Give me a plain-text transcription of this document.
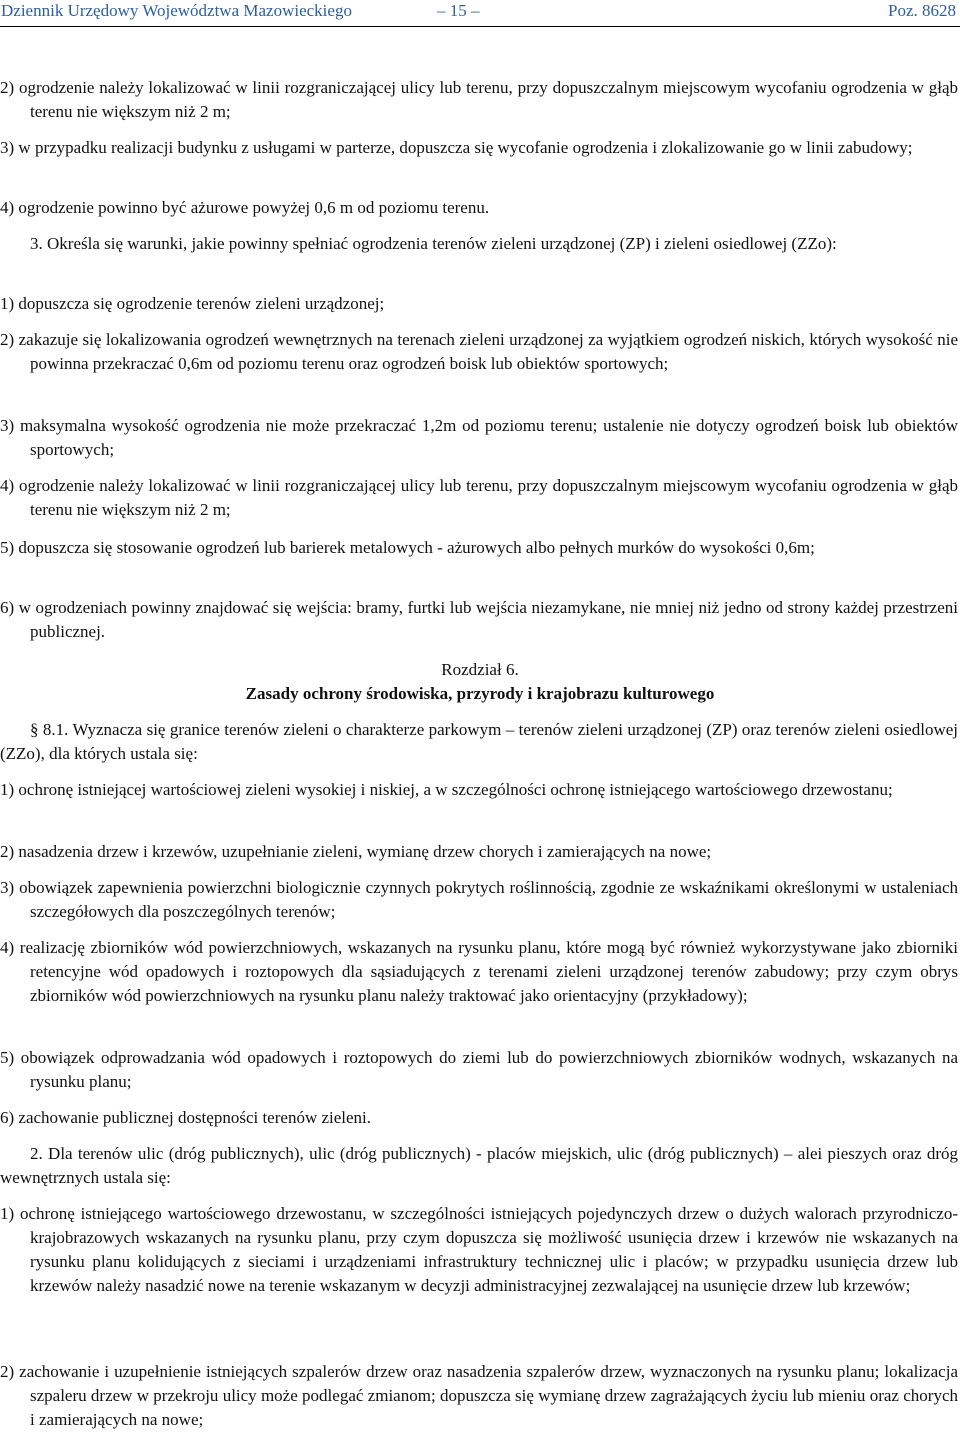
Dziennik Urzędowy Województwa Mazowieckiego	– 15 –	Poz. 8628
2) ogrodzenie należy lokalizować w linii rozgraniczającej ulicy lub terenu, przy dopuszczalnym miejscowym wycofaniu ogrodzenia w głąb terenu nie większym niż 2 m;
3) w przypadku realizacji budynku z usługami w parterze, dopuszcza się wycofanie ogrodzenia i zlokalizowanie go w linii zabudowy;
4) ogrodzenie powinno być ażurowe powyżej 0,6 m od poziomu terenu.
3. Określa się warunki, jakie powinny spełniać ogrodzenia terenów zieleni urządzonej (ZP) i zieleni osiedlowej (ZZo):
1) dopuszcza się ogrodzenie terenów zieleni urządzonej;
2) zakazuje się lokalizowania ogrodzeń wewnętrznych na terenach zieleni urządzonej za wyjątkiem ogrodzeń niskich, których wysokość nie powinna przekraczać 0,6m od poziomu terenu oraz ogrodzeń boisk lub obiektów sportowych;
3) maksymalna wysokość ogrodzenia nie może przekraczać 1,2m od poziomu terenu; ustalenie nie dotyczy ogrodzeń boisk lub obiektów sportowych;
4) ogrodzenie należy lokalizować w linii rozgraniczającej ulicy lub terenu, przy dopuszczalnym miejscowym wycofaniu ogrodzenia w głąb terenu nie większym niż 2 m;
5) dopuszcza się stosowanie ogrodzeń lub barierek metalowych - ażurowych albo pełnych murków do wysokości 0,6m;
6) w ogrodzeniach powinny znajdować się wejścia: bramy, furtki lub wejścia niezamykane, nie mniej niż jedno od strony każdej przestrzeni publicznej.
Rozdział 6.
Zasady ochrony środowiska, przyrody i krajobrazu kulturowego
§ 8.1. Wyznacza się granice terenów zieleni o charakterze parkowym – terenów zieleni urządzonej (ZP) oraz terenów zieleni osiedlowej (ZZo), dla których ustala się:
1) ochronę istniejącej wartościowej zieleni wysokiej i niskiej, a w szczególności ochronę istniejącego wartościowego drzewostanu;
2) nasadzenia drzew i krzewów, uzupełnianie zieleni, wymianę drzew chorych i zamierających na nowe;
3) obowiązek zapewnienia powierzchni biologicznie czynnych pokrytych roślinnością, zgodnie ze wskaźnikami określonymi w ustaleniach szczegółowych dla poszczególnych terenów;
4) realizację zbiorników wód powierzchniowych, wskazanych na rysunku planu, które mogą być również wykorzystywane jako zbiorniki retencyjne wód opadowych i roztopowych dla sąsiadujących z terenami zieleni urządzonej terenów zabudowy; przy czym obrys zbiorników wód powierzchniowych na rysunku planu należy traktować jako orientacyjny (przykładowy);
5) obowiązek odprowadzania wód opadowych i roztopowych do ziemi lub do powierzchniowych zbiorników wodnych, wskazanych na rysunku planu;
6) zachowanie publicznej dostępności terenów zieleni.
2. Dla terenów ulic (dróg publicznych), ulic (dróg publicznych) - placów miejskich, ulic (dróg publicznych) – alei pieszych oraz dróg wewnętrznych ustala się:
1) ochronę istniejącego wartościowego drzewostanu, w szczególności istniejących pojedynczych drzew o dużych walorach przyrodniczo-krajobrazowych wskazanych na rysunku planu, przy czym dopuszcza się możliwość usunięcia drzew i krzewów nie wskazanych na rysunku planu kolidujących z sieciami i urządzeniami infrastruktury technicznej ulic i placów; w przypadku usunięcia drzew lub krzewów należy nasadzić nowe na terenie wskazanym w decyzji administracyjnej zezwalającej na usunięcie drzew lub krzewów;
2) zachowanie i uzupełnienie istniejących szpalerów drzew oraz nasadzenia szpalerów drzew, wyznaczonych na rysunku planu; lokalizacja szpaleru drzew w przekroju ulicy może podlegać zmianom; dopuszcza się wymianę drzew zagrażających życiu lub mieniu oraz chorych i zamierających na nowe;
